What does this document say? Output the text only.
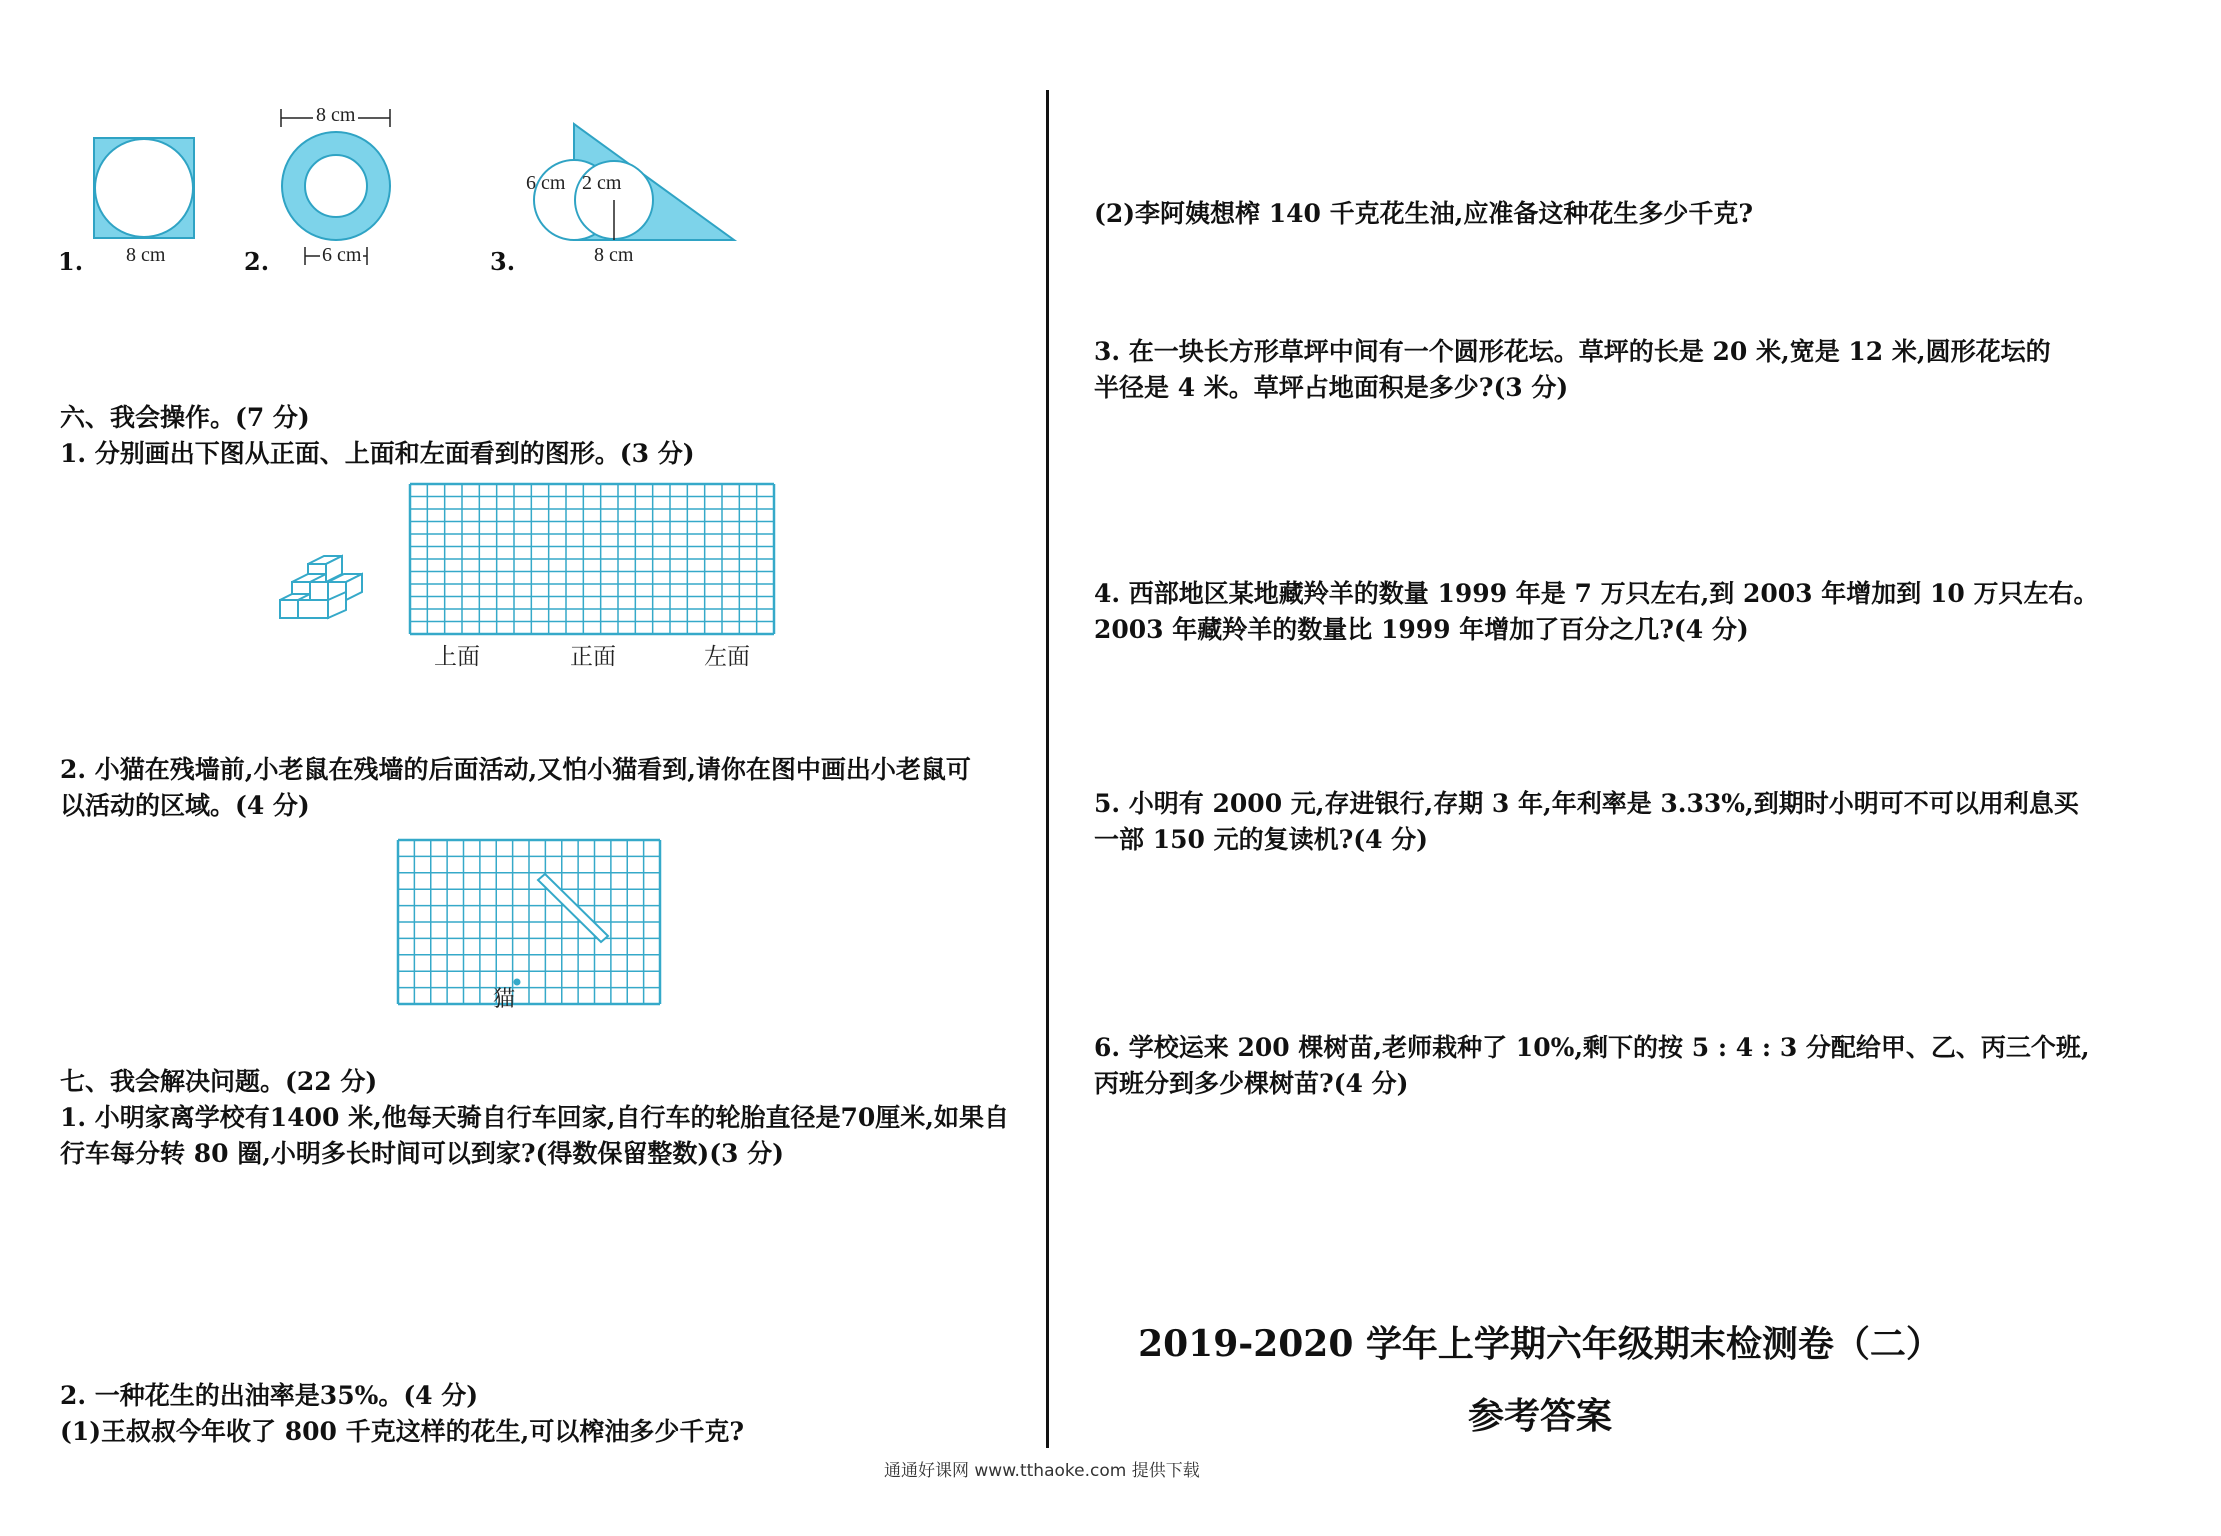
1. 8 cm
8 cm
2.	6 cm
6 cm 2 cm
3.	8 cm
六、我会操作。(7 分)
1. 分别画出下图从正面、上面和左面看到的图形。(3 分)
上面	正面	左面
2. 小猫在残墙前,小老鼠在残墙的后面活动,又怕小猫看到,请你在图中画出小老鼠可
以活动的区域。(4 分)
猫
七、我会解决问题。(22 分)
1. 小明家离学校有1400 米,他每天骑自行车回家,自行车的轮胎直径是70厘米,如果自
行车每分转 80 圈,小明多长时间可以到家?(得数保留整数)(3 分)
2. 一种花生的出油率是35%。(4 分)
(1)王叔叔今年收了 800 千克这样的花生,可以榨油多少千克?
(2)李阿姨想榨 140 千克花生油,应准备这种花生多少千克?
3. 在一块长方形草坪中间有一个圆形花坛。草坪的长是 20 米,宽是 12 米,圆形花坛的
半径是 4 米。草坪占地面积是多少?(3 分)
4. 西部地区某地藏羚羊的数量 1999 年是 7 万只左右,到 2003 年增加到 10 万只左右。
2003 年藏羚羊的数量比 1999 年增加了百分之几?(4 分)
5. 小明有 2000 元,存进银行,存期 3 年,年利率是 3.33%,到期时小明可不可以用利息买
一部 150 元的复读机?(4 分)
6. 学校运来 200 棵树苗,老师栽种了 10%,剩下的按 5 : 4 : 3 分配给甲、乙、丙三个班,
丙班分到多少棵树苗?(4 分)
2019-2020 学年上学期六年级期末检测卷（二）
参考答案
通通好课网 www.tthaoke.com 提供下载
